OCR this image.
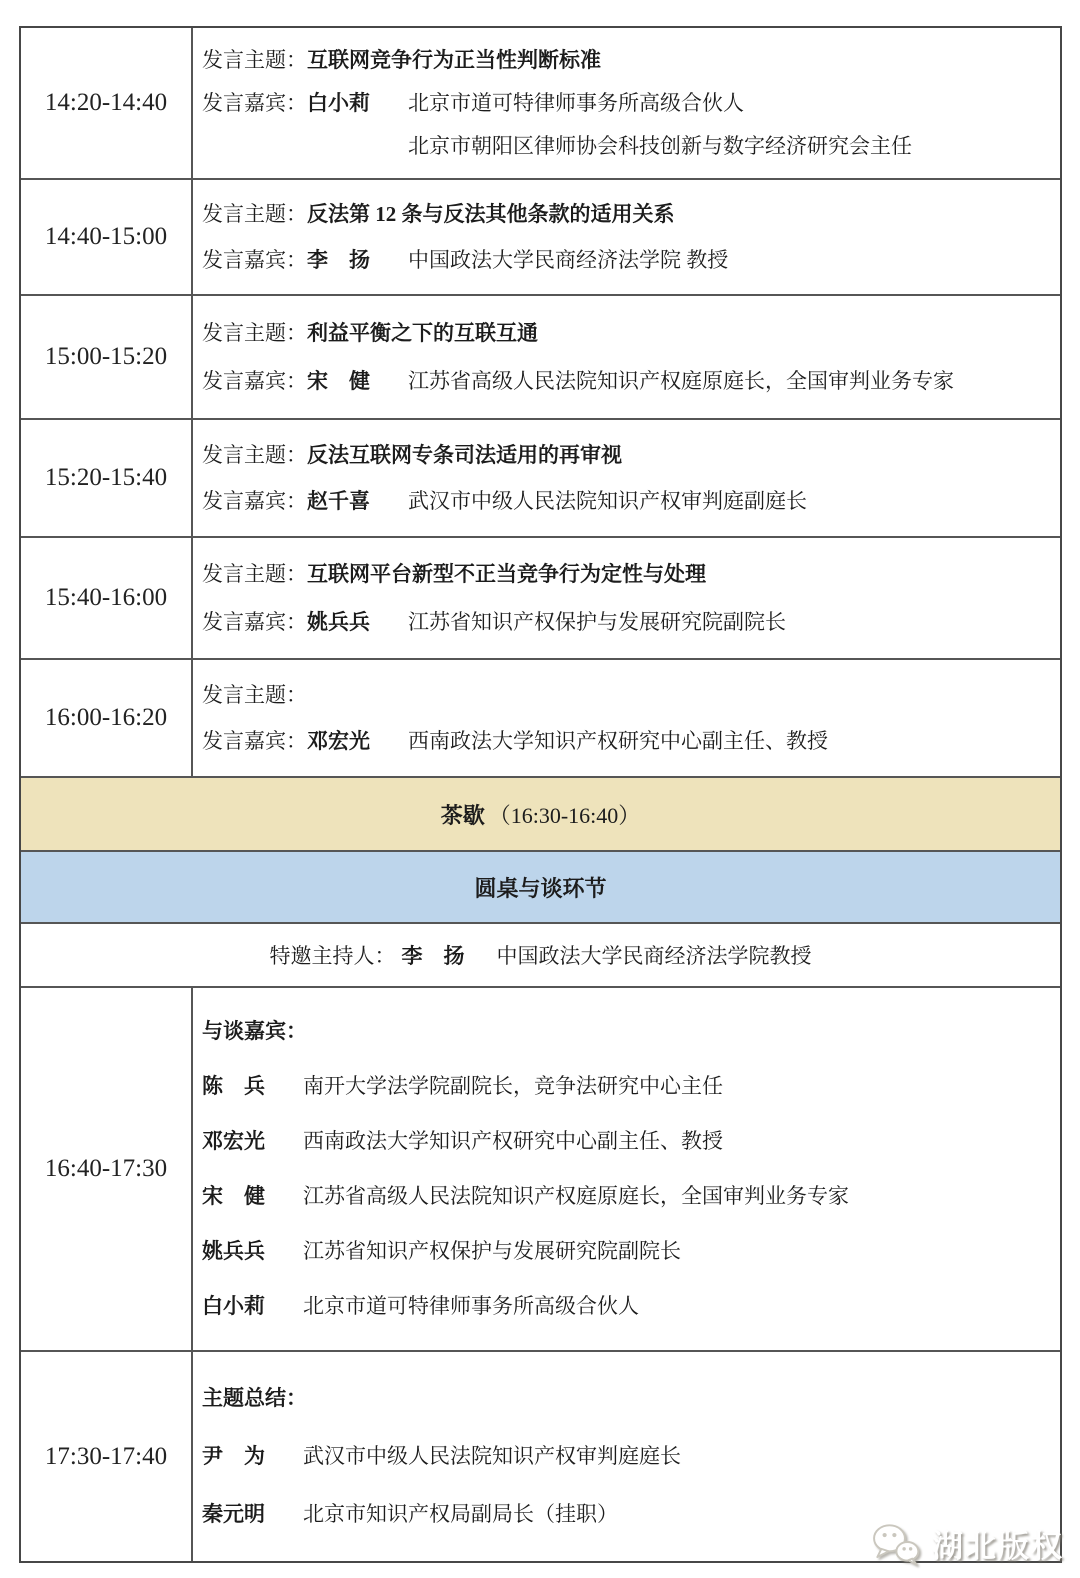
14:20-14:40
发言主题：互联网竞争行为正当性判断标准
发言嘉宾：白小莉 北京市道可特律师事务所高级合伙人
北京市朝阳区律师协会科技创新与数字经济研究会主任
14:40-15:00
发言主题：反法第 12 条与反法其他条款的适用关系
发言嘉宾：李　扬 中国政法大学民商经济法学院 教授
15:00-15:20
发言主题：利益平衡之下的互联互通
发言嘉宾：宋　健 江苏省高级人民法院知识产权庭原庭长，全国审判业务专家
15:20-15:40
发言主题：反法互联网专条司法适用的再审视
发言嘉宾：赵千喜 武汉市中级人民法院知识产权审判庭副庭长
15:40-16:00
发言主题：互联网平台新型不正当竞争行为定性与处理
发言嘉宾：姚兵兵 江苏省知识产权保护与发展研究院副院长
16:00-16:20
发言主题：
发言嘉宾：邓宏光 西南政法大学知识产权研究中心副主任、教授
茶歇 （16:30-16:40）
圆桌与谈环节
特邀主持人： 李　扬 中国政法大学民商经济法学院教授
16:40-17:30
与谈嘉宾：
陈　兵 南开大学法学院副院长，竞争法研究中心主任
邓宏光 西南政法大学知识产权研究中心副主任、教授
宋　健 江苏省高级人民法院知识产权庭原庭长，全国审判业务专家
姚兵兵 江苏省知识产权保护与发展研究院副院长
白小莉 北京市道可特律师事务所高级合伙人
17:30-17:40
主题总结：
尹　为 武汉市中级人民法院知识产权审判庭庭长
秦元明 北京市知识产权局副局长（挂职）
湖北版权
